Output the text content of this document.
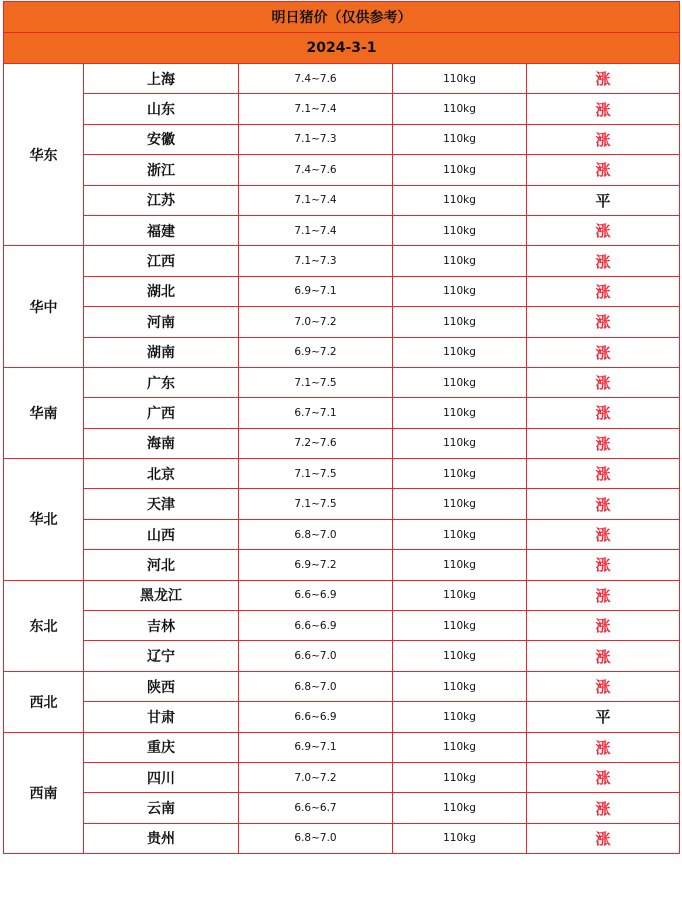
明日猪价（仅供参考）				
2024-3-1				
华东	上海	7.4~7.6	110kg	涨
	山东	7.1~7.4	110kg	涨
	安徽	7.1~7.3	110kg	涨
	浙江	7.4~7.6	110kg	涨
	江苏	7.1~7.4	110kg	平
	福建	7.1~7.4	110kg	涨
华中	江西	7.1~7.3	110kg	涨
	湖北	6.9~7.1	110kg	涨
	河南	7.0~7.2	110kg	涨
	湖南	6.9~7.2	110kg	涨
华南	广东	7.1~7.5	110kg	涨
	广西	6.7~7.1	110kg	涨
	海南	7.2~7.6	110kg	涨
华北	北京	7.1~7.5	110kg	涨
	天津	7.1~7.5	110kg	涨
	山西	6.8~7.0	110kg	涨
	河北	6.9~7.2	110kg	涨
东北	黑龙江	6.6~6.9	110kg	涨
	吉林	6.6~6.9	110kg	涨
	辽宁	6.6~7.0	110kg	涨
西北	陕西	6.8~7.0	110kg	涨
	甘肃	6.6~6.9	110kg	平
西南	重庆	6.9~7.1	110kg	涨
	四川	7.0~7.2	110kg	涨
	云南	6.6~6.7	110kg	涨
	贵州	6.8~7.0	110kg	涨
